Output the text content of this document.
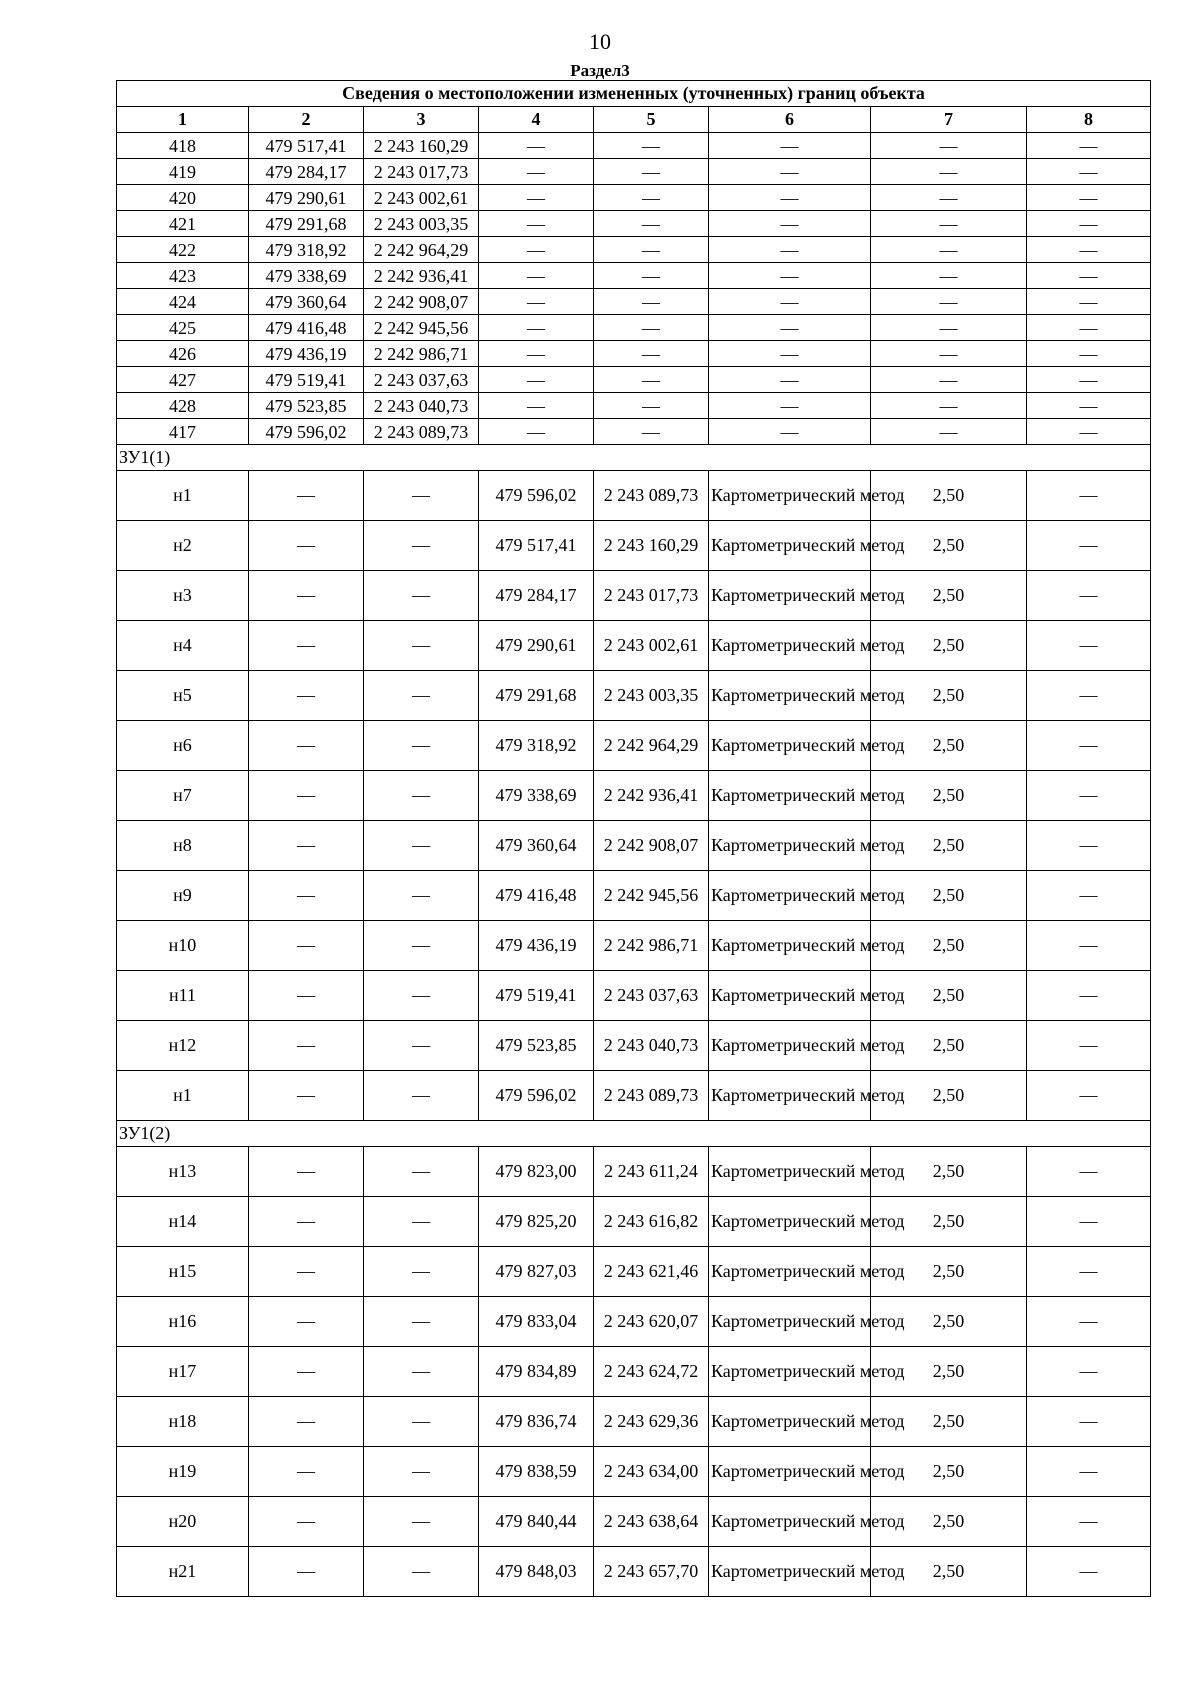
10
Раздел3
Сведения о местоположении измененных (уточненных) границ объекта							
1	2	3	4	5	6	7	8
418	479 517,41	2 243 160,29	—	—	—	—	—
419	479 284,17	2 243 017,73	—	—	—	—	—
420	479 290,61	2 243 002,61	—	—	—	—	—
421	479 291,68	2 243 003,35	—	—	—	—	—
422	479 318,92	2 242 964,29	—	—	—	—	—
423	479 338,69	2 242 936,41	—	—	—	—	—
424	479 360,64	2 242 908,07	—	—	—	—	—
425	479 416,48	2 242 945,56	—	—	—	—	—
426	479 436,19	2 242 986,71	—	—	—	—	—
427	479 519,41	2 243 037,63	—	—	—	—	—
428	479 523,85	2 243 040,73	—	—	—	—	—
417	479 596,02	2 243 089,73	—	—	—	—	—
ЗУ1(1)							
н1	—	—	479 596,02	2 243 089,73	Картометрический метод	2,50	—
н2	—	—	479 517,41	2 243 160,29	Картометрический метод	2,50	—
н3	—	—	479 284,17	2 243 017,73	Картометрический метод	2,50	—
н4	—	—	479 290,61	2 243 002,61	Картометрический метод	2,50	—
н5	—	—	479 291,68	2 243 003,35	Картометрический метод	2,50	—
н6	—	—	479 318,92	2 242 964,29	Картометрический метод	2,50	—
н7	—	—	479 338,69	2 242 936,41	Картометрический метод	2,50	—
н8	—	—	479 360,64	2 242 908,07	Картометрический метод	2,50	—
н9	—	—	479 416,48	2 242 945,56	Картометрический метод	2,50	—
н10	—	—	479 436,19	2 242 986,71	Картометрический метод	2,50	—
н11	—	—	479 519,41	2 243 037,63	Картометрический метод	2,50	—
н12	—	—	479 523,85	2 243 040,73	Картометрический метод	2,50	—
н1	—	—	479 596,02	2 243 089,73	Картометрический метод	2,50	—
ЗУ1(2)							
н13	—	—	479 823,00	2 243 611,24	Картометрический метод	2,50	—
н14	—	—	479 825,20	2 243 616,82	Картометрический метод	2,50	—
н15	—	—	479 827,03	2 243 621,46	Картометрический метод	2,50	—
н16	—	—	479 833,04	2 243 620,07	Картометрический метод	2,50	—
н17	—	—	479 834,89	2 243 624,72	Картометрический метод	2,50	—
н18	—	—	479 836,74	2 243 629,36	Картометрический метод	2,50	—
н19	—	—	479 838,59	2 243 634,00	Картометрический метод	2,50	—
н20	—	—	479 840,44	2 243 638,64	Картометрический метод	2,50	—
н21	—	—	479 848,03	2 243 657,70	Картометрический метод	2,50	—
